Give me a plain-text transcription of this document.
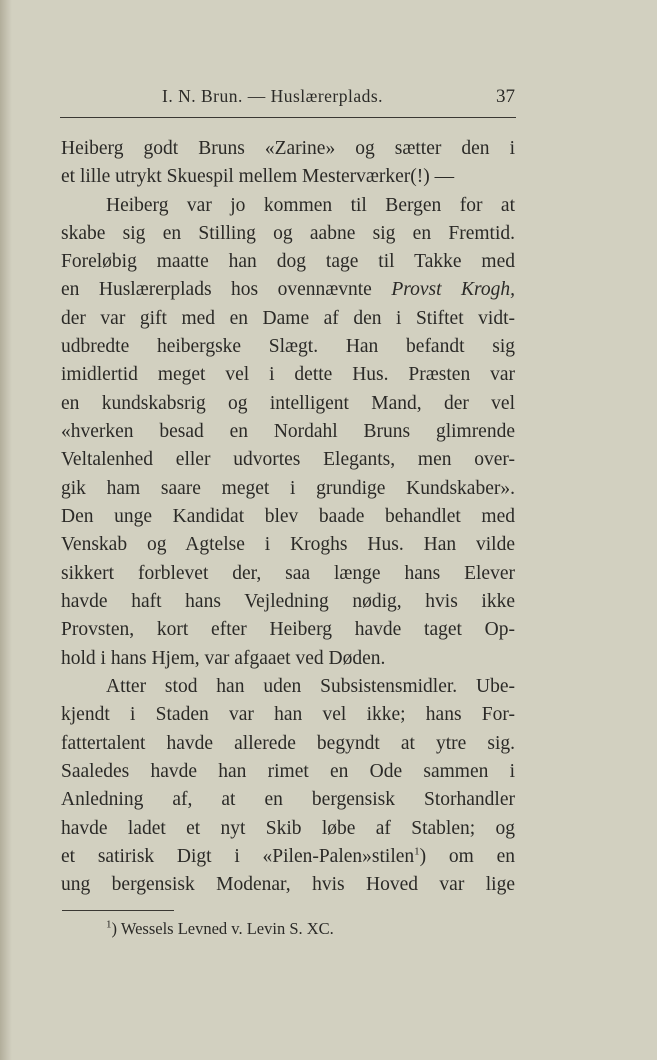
I. N. Brun. — Huslærerplads.	37
Heiberg godt Bruns «Zarine» og sætter den i
et lille utrykt Skuespil mellem Mesterværker(!) —
Heiberg var jo kommen til Bergen for at
skabe sig en Stilling og aabne sig en Fremtid.
Foreløbig maatte han dog tage til Takke med
en Huslærerplads hos ovennævnte Provst Krogh,
der var gift med en Dame af den i Stiftet vidt-
udbredte heibergske Slægt. Han befandt sig
imidlertid meget vel i dette Hus. Præsten var
en kundskabsrig og intelligent Mand, der vel
«hverken besad en Nordahl Bruns glimrende
Veltalenhed eller udvortes Elegants, men over-
gik ham saare meget i grundige Kundskaber».
Den unge Kandidat blev baade behandlet med
Venskab og Agtelse i Kroghs Hus. Han vilde
sikkert forblevet der, saa længe hans Elever
havde haft hans Vejledning nødig, hvis ikke
Provsten, kort efter Heiberg havde taget Op-
hold i hans Hjem, var afgaaet ved Døden.
Atter stod han uden Subsistensmidler. Ube-
kjendt i Staden var han vel ikke; hans For-
fattertalent havde allerede begyndt at ytre sig.
Saaledes havde han rimet en Ode sammen i
Anledning af, at en bergensisk Storhandler
havde ladet et nyt Skib løbe af Stablen; og
et satirisk Digt i «Pilen-Palen»stilen$^1$) om en
ung bergensisk Modenar, hvis Hoved var lige
$^1$) Wessels Levned v. Levin S. XC.
